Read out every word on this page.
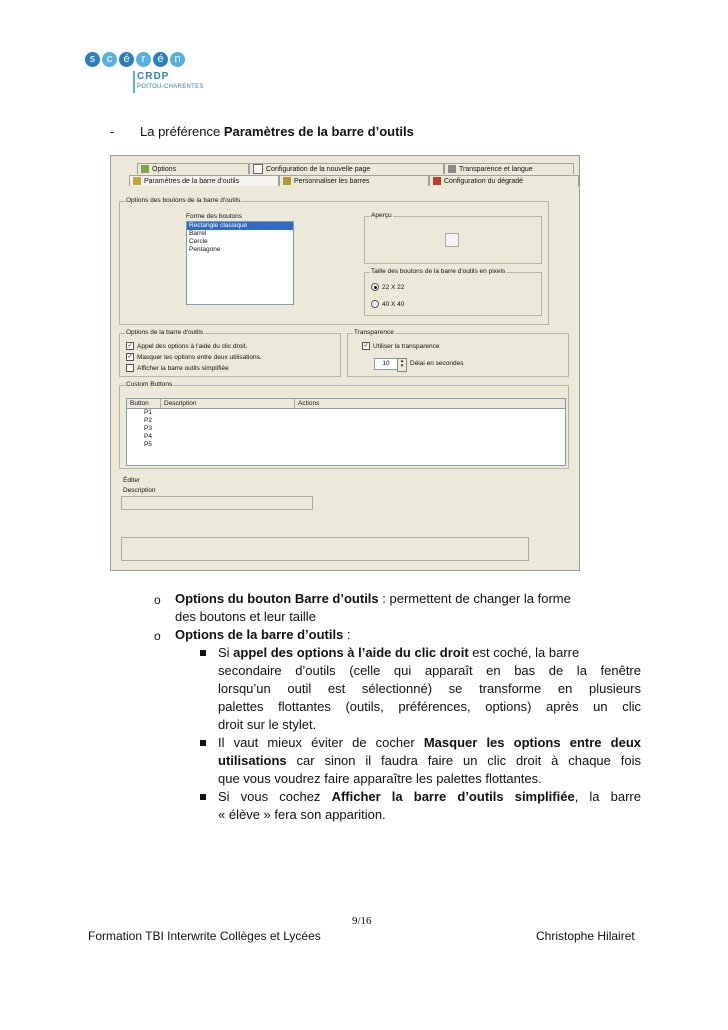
s	c	é	r	é n
CRDP
POITOU-CHARENTES
- La préférence Paramètres de la barre d’outils
Options	Configuration de la nouvelle page	Transparence et langue
Paramètres de la barre d'outils	Personnaliser les barres	Configuration du dégradé
Options des boutons de la barre d'outils
Forme des boutons
Rectangle classique
Barrel
Cercle
Pentagone
Aperçu
Taille des boutons de la barre d'outils en pixels
22 X 22
40 X 40
Options de la barre d'outils
✓ Appel des options à l'aide du clic droit.
✓ Masquer les options entre deux utilisations.
Afficher la barre outils simplifiée
Transparence
✓ Utiliser la transparence
10	▴
▾	Délai en secondes
Custom Buttons
Button	Description	Actions
P1
P2
P3
P4
P5
Éditer
Description
o Options du bouton Barre d’outils : permettent de changer la forme
des boutons et leur taille
o Options de la barre d’outils :
Si appel des options à l’aide du clic droit est coché, la barre
secondaire d’outils (celle qui apparaît en bas de la fenêtre
lorsqu’un outil est sélectionné) se transforme en plusieurs
palettes flottantes (outils, préférences, options) après un clic
droit sur le stylet.
Il vaut mieux éviter de cocher Masquer les options entre deux
utilisations car sinon il faudra faire un clic droit à chaque fois
que vous voudrez faire apparaître les palettes flottantes.
Si vous cochez Afficher la barre d’outils simplifiée, la barre
« élève » fera son apparition.
9/16
Formation TBI Interwrite Collèges et Lycées	Christophe Hilairet
